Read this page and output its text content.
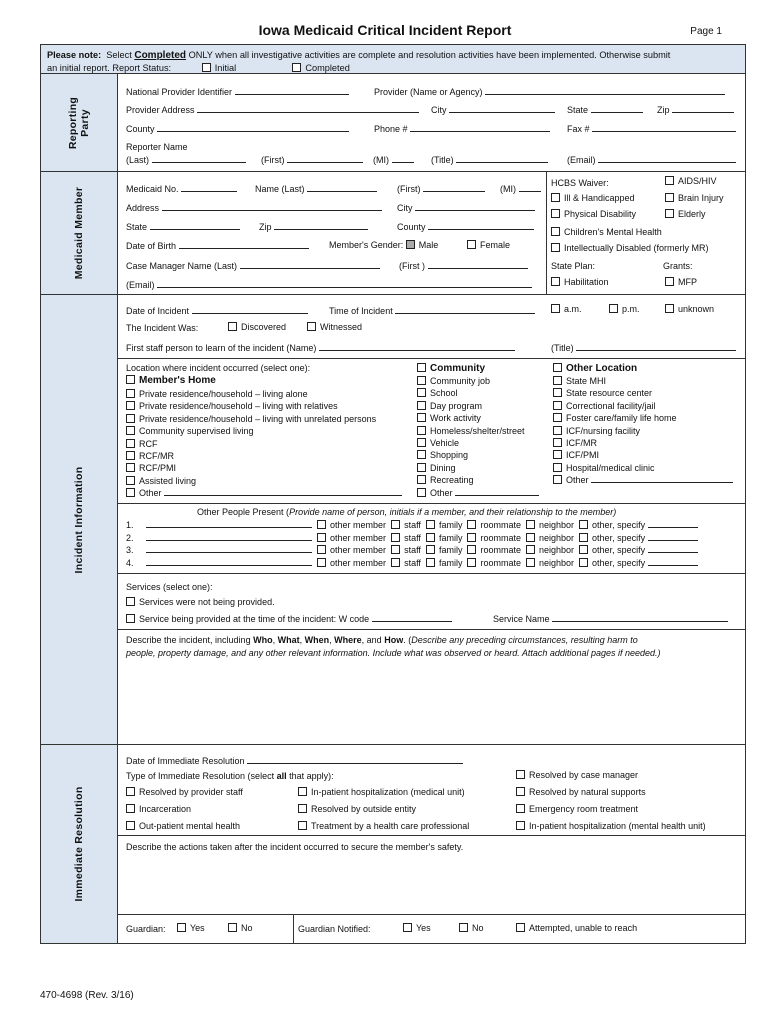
Iowa Medicaid Critical Incident Report	Page 1
Please note: Select Completed ONLY when all investigative activities are complete and resolution activities have been implemented. Otherwise submit
an initial report. Report Status:	Initial	Completed
Reporting Party
National Provider Identifier	Provider (Name or Agency)
Provider Address	City	State	Zip
County	Phone #	Fax #
Reporter Name
(Last)	(First)	(MI)	(Title)	(Email)
Medicaid Member	Medicaid No.	Name (Last)	(First)	(MI)
Address	City
State	Zip	County
Date of Birth	Member's Gender: Male	Female
Case Manager Name (Last)	(First )
(Email)
HCBS Waiver:	AIDS/HIV
Ill & Handicapped	Brain Injury
Physical Disability	Elderly
Children's Mental Health
Intellectually Disabled (formerly MR)
State Plan:	Grants:
Habilitation	MFP
Incident Information
Date of Incident	Time of Incident	a.m.	p.m.	unknown
The Incident Was:	Discovered	Witnessed
First staff person to learn of the incident (Name)	(Title)
Location where incident occurred (select one):
Member's Home
Private residence/household – living alone
Private residence/household – living with relatives
Private residence/household – living with unrelated persons
Community supervised living
RCF
RCF/MR
RCF/PMI
Assisted living
Other
Community
Community job
School
Day program
Work activity
Homeless/shelter/street
Vehicle
Shopping
Dining
Recreating
Other
Other Location
State MHI
State resource center
Correctional facility/jail
Foster care/family life home
ICF/nursing facility
ICF/MR
ICF/PMI
Hospital/medical clinic
Other
Other People Present (Provide name of person, initials if a member, and their relationship to the member)
1.	other member staff family roommate neighbor other, specify
2.	other member staff family roommate neighbor other, specify
3.	other member staff family roommate neighbor other, specify
4.	other member staff family roommate neighbor other, specify
Services (select one):
Services were not being provided.
Service being provided at the time of the incident: W code	Service Name
Describe the incident, including Who, What, When, Where, and How. (Describe any preceding circumstances, resulting harm to
people, property damage, and any other relevant information. Include what was observed or heard. Attach additional pages if needed.)
Immediate Resolution
Date of Immediate Resolution
Type of Immediate Resolution (select all that apply):	Resolved by case manager
Resolved by provider staff	In-patient hospitalization (medical unit)	Resolved by natural supports
Incarceration	Resolved by outside entity	Emergency room treatment
Out-patient mental health	Treatment by a health care professional	In-patient hospitalization (mental health unit)
Describe the actions taken after the incident occurred to secure the member's safety.
Guardian:	Yes	No	Guardian Notified:	Yes	No	Attempted, unable to reach
470-4698 (Rev. 3/16)
